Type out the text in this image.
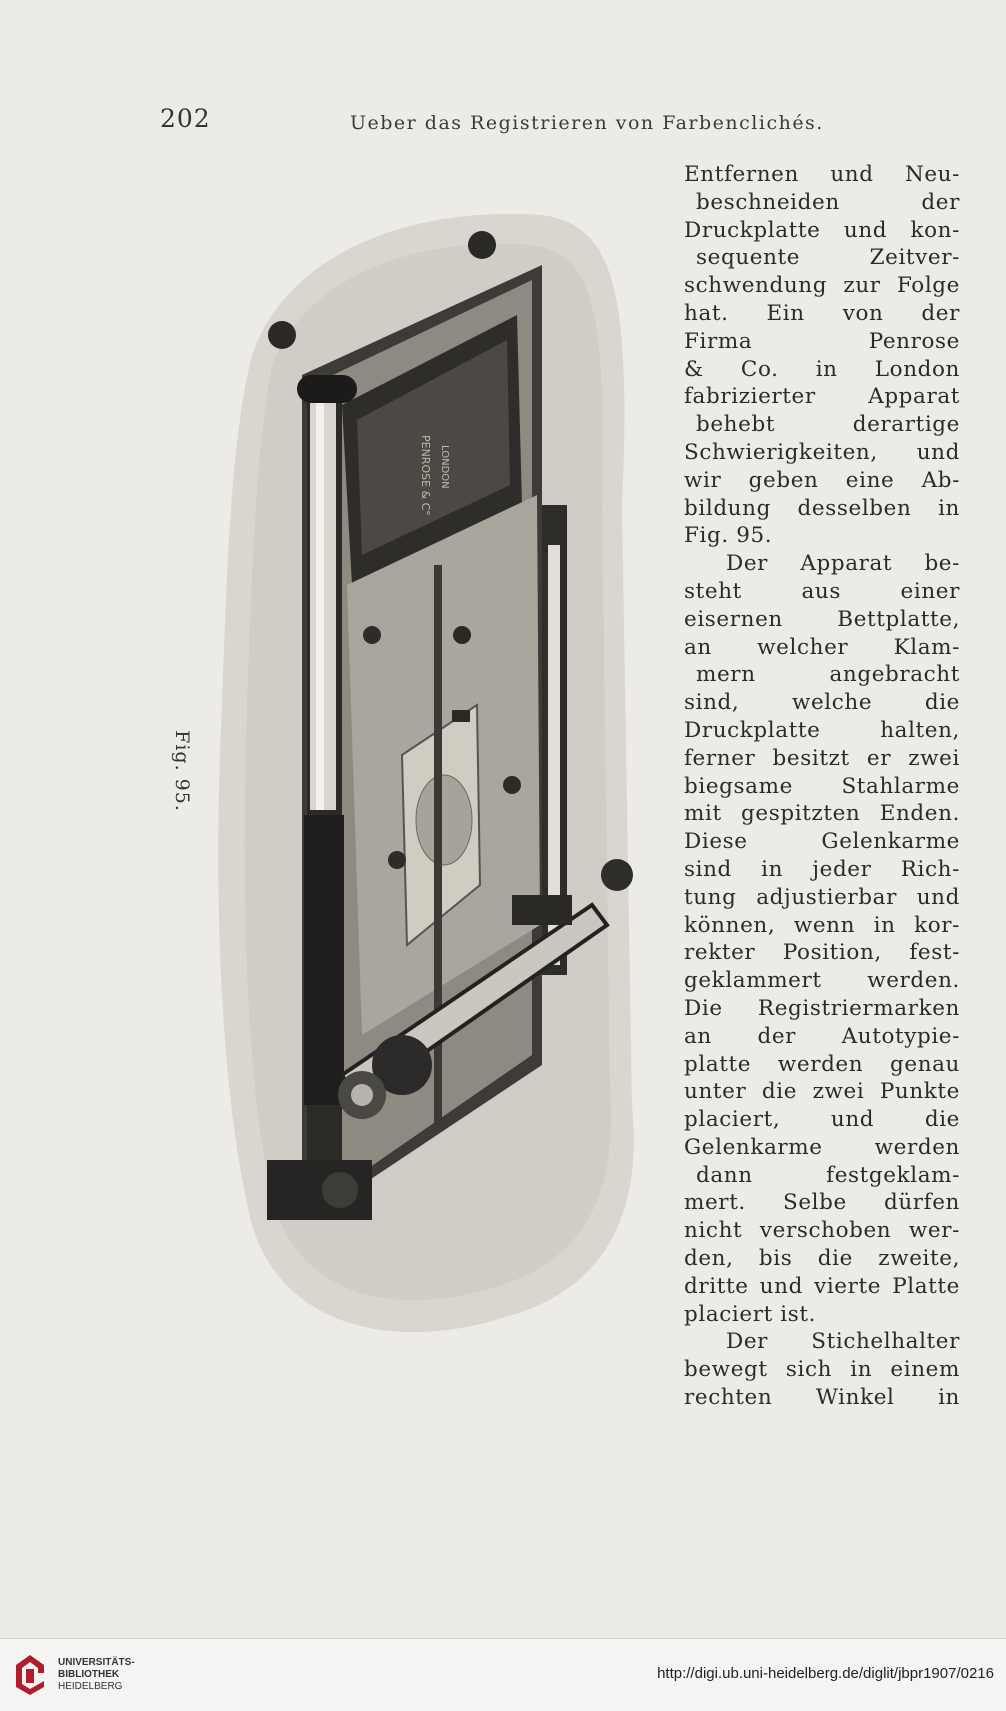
202	Ueber das Registrieren von Farbenclichés.
Fig. 95.
PENROSE & C° LONDON
Entfernen und Neu-
beschneiden der
Druckplatte und kon-
sequente Zeitver-
schwendung zur Folge
hat. Ein von der
Firma Penrose
& Co. in London
fabrizierter Apparat
behebt derartige
Schwierigkeiten, und
wir geben eine Ab-
bildung desselben in
Fig. 95.
Der Apparat be-
steht aus einer
eisernen Bettplatte,
an welcher Klam-
mern angebracht
sind, welche die
Druckplatte halten,
ferner besitzt er zwei
biegsame Stahlarme
mit gespitzten Enden.
Diese Gelenkarme
sind in jeder Rich-
tung adjustierbar und
können, wenn in kor-
rekter Position, fest-
geklammert werden.
Die Registriermarken
an der Autotypie-
platte werden genau
unter die zwei Punkte
placiert, und die
Gelenkarme werden
dann festgeklam-
mert. Selbe dürfen
nicht verschoben wer-
den, bis die zweite,
dritte und vierte Platte
placiert ist.
Der Stichelhalter
bewegt sich in einem
rechten Winkel in
UNIVERSITÄTS-
BIBLIOTHEK
HEIDELBERG
http://digi.ub.uni-heidelberg.de/diglit/jbpr1907/0216
